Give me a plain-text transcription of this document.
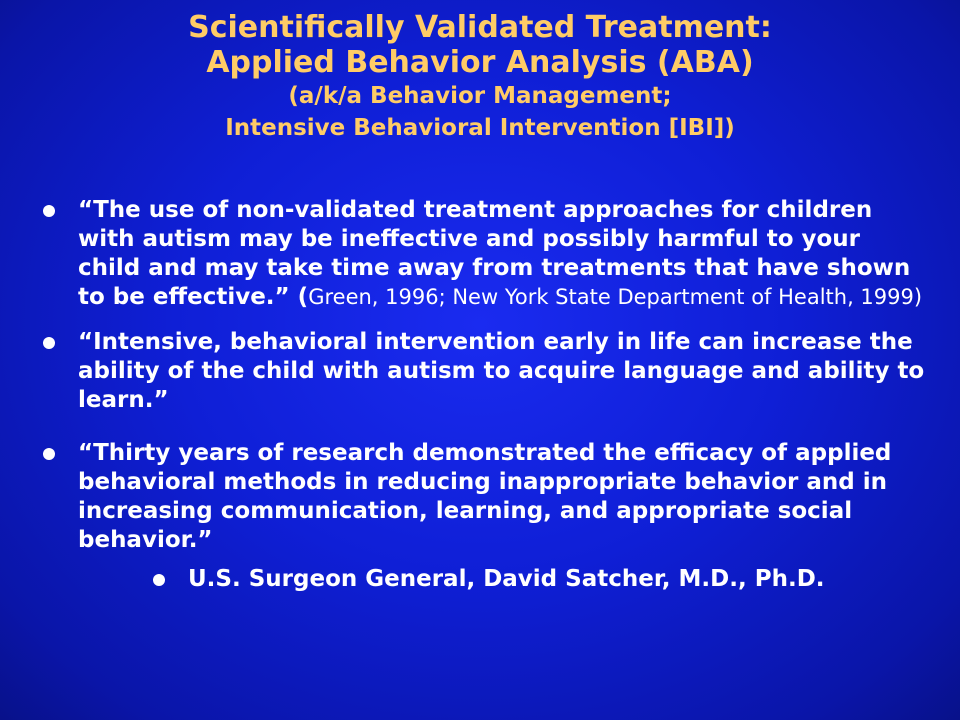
Scientifically Validated Treatment:
Applied Behavior Analysis (ABA)
(a/k/a Behavior Management;
Intensive Behavioral Intervention [IBI])
“The use of non-validated treatment approaches for children with autism may be ineffective and possibly harmful to your child and may take time away from treatments that have shown to be effective.” (Green, 1996; New York State Department of Health, 1999)
“Intensive, behavioral intervention early in life can increase the ability of the child with autism to acquire language and ability to learn.”
“Thirty years of research demonstrated the efficacy of applied behavioral methods in reducing inappropriate behavior and in increasing communication, learning, and appropriate social behavior.”
U.S. Surgeon General, David Satcher, M.D., Ph.D.
